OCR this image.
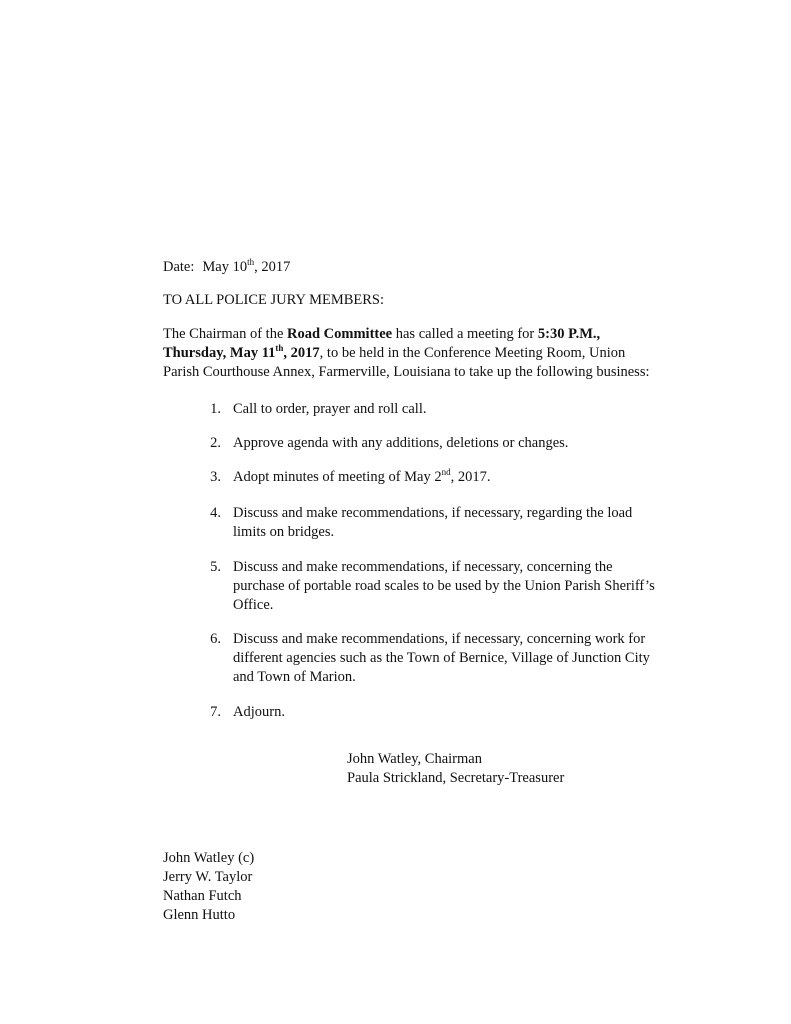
Date: May 10th, 2017
TO ALL POLICE JURY MEMBERS:
The Chairman of the Road Committee has called a meeting for 5:30 P.M.,
Thursday, May 11th, 2017, to be held in the Conference Meeting Room, Union
Parish Courthouse Annex, Farmerville, Louisiana to take up the following business:
1. Call to order, prayer and roll call.
2. Approve agenda with any additions, deletions or changes.
3. Adopt minutes of meeting of May 2nd, 2017.
4. Discuss and make recommendations, if necessary, regarding the load
limits on bridges.
5. Discuss and make recommendations, if necessary, concerning the
purchase of portable road scales to be used by the Union Parish Sheriff’s
Office.
6. Discuss and make recommendations, if necessary, concerning work for
different agencies such as the Town of Bernice, Village of Junction City
and Town of Marion.
7. Adjourn.
John Watley, Chairman
Paula Strickland, Secretary-Treasurer
John Watley (c)
Jerry W. Taylor
Nathan Futch
Glenn Hutto
